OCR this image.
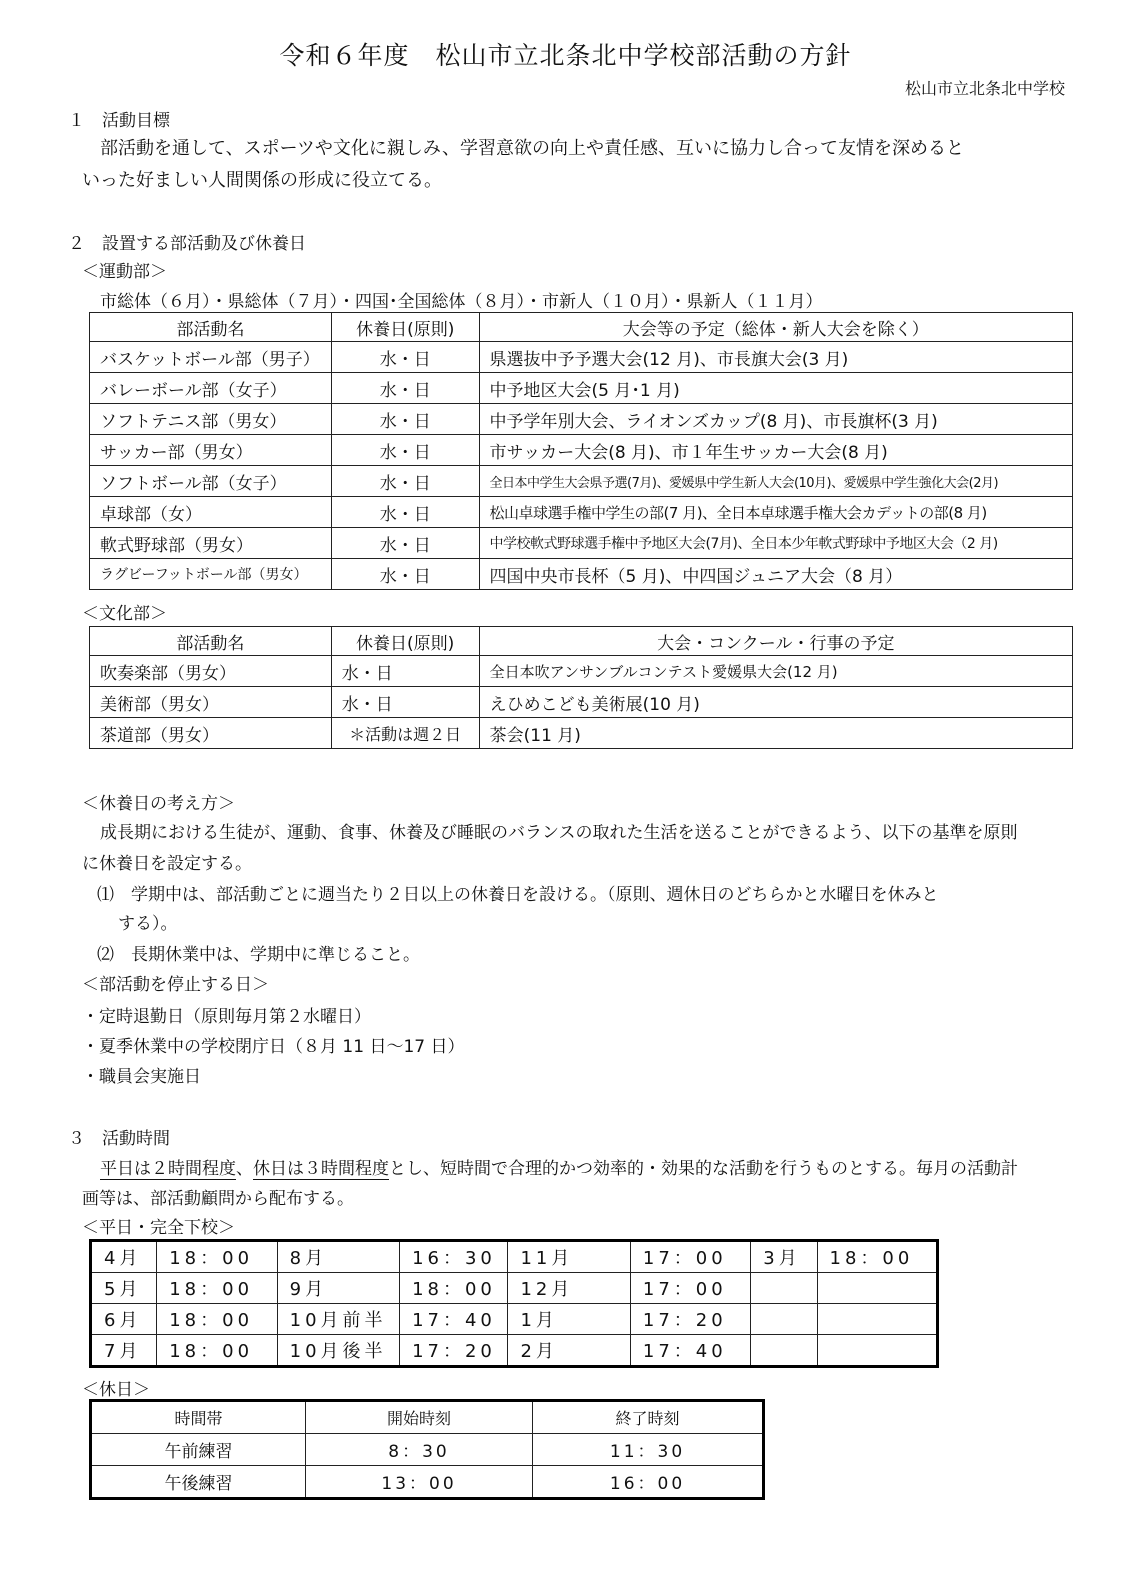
令和６年度　松山市立北条北中学校部活動の方針
松山市立北条北中学校
１　活動目標
部活動を通して、スポーツや文化に親しみ、学習意欲の向上や責任感、互いに協力し合って友情を深めると
いった好ましい人間関係の形成に役立てる。
２　設置する部活動及び休養日
＜運動部＞
市総体（６月）・県総体（７月）・四国･全国総体（８月）・市新人（１０月）・県新人（１１月）
部活動名	休養日(原則)	大会等の予定（総体・新人大会を除く）
バスケットボール部（男子）	水・日	県選抜中予予選大会(12 月)、市長旗大会(3 月)
バレーボール部（女子）	水・日	中予地区大会(5 月･1 月)
ソフトテニス部（男女）	水・日	中予学年別大会、ライオンズカップ(8 月)、市長旗杯(3 月)
サッカー部（男女）	水・日	市サッカー大会(8 月)、市１年生サッカー大会(8 月)
ソフトボール部（女子）	水・日	全日本中学生大会県予選(7月)、愛媛県中学生新人大会(10月)、愛媛県中学生強化大会(2月)
卓球部（女）	水・日	松山卓球選手権中学生の部(7 月)、全日本卓球選手権大会カデットの部(8 月)
軟式野球部（男女）	水・日	中学校軟式野球選手権中予地区大会(7月)、全日本少年軟式野球中予地区大会（2 月)
ラグビーフットボール部（男女）	水・日	四国中央市長杯（5 月)、中四国ジュニア大会（8 月）
＜文化部＞
部活動名	休養日(原則)	大会・コンクール・行事の予定
吹奏楽部（男女）	水・日	全日本吹アンサンブルコンテスト愛媛県大会(12 月)
美術部（男女）	水・日	えひめこども美術展(10 月)
茶道部（男女）	＊活動は週２日	茶会(11 月)
＜休養日の考え方＞
成長期における生徒が、運動、食事、休養及び睡眠のバランスの取れた生活を送ることができるよう、以下の基準を原則
に休養日を設定する。
⑴　学期中は、部活動ごとに週当たり２日以上の休養日を設ける。（原則、週休日のどちらかと水曜日を休みと
する）。
⑵　長期休業中は、学期中に準じること。
＜部活動を停止する日＞
・定時退勤日（原則毎月第２水曜日）
・夏季休業中の学校閉庁日（８月 11 日～17 日）
・職員会実施日
３　活動時間
平日は２時間程度、休日は３時間程度とし、短時間で合理的かつ効率的・効果的な活動を行うものとする。毎月の活動計
画等は、部活動顧問から配布する。
＜平日・完全下校＞
4月	18：00	8月	16：30	11月	17：00	3月	18：00
5月	18：00	9月	18：00	12月	17：00		
6月	18：00	10月前半	17：40	1月	17：20		
7月	18：00	10月後半	17：20	2月	17：40		
＜休日＞
時間帯	開始時刻	終了時刻
午前練習	8：30	11：30
午後練習	13：00	16：00
